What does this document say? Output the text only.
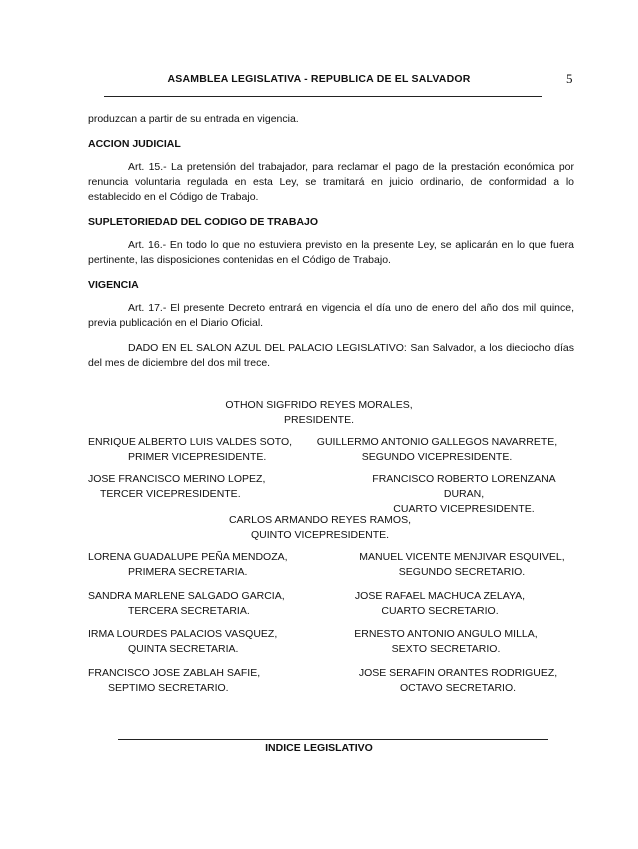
ASAMBLEA LEGISLATIVA - REPUBLICA DE EL SALVADOR	5

produzcan a partir de su entrada en vigencia.

ACCION JUDICIAL

Art. 15.- La pretensión del trabajador, para reclamar el pago de la prestación económica por renuncia voluntaria regulada en esta Ley, se tramitará en juicio ordinario, de conformidad a lo establecido en el Código de Trabajo.

SUPLETORIEDAD DEL CODIGO DE TRABAJO

Art. 16.- En todo lo que no estuviera previsto en la presente Ley, se aplicarán en lo que fuera pertinente, las disposiciones contenidas en el Código de Trabajo.

VIGENCIA

Art. 17.- El presente Decreto entrará en vigencia el día uno de enero del año dos mil quince, previa publicación en el Diario Oficial.

DADO EN EL SALON AZUL DEL PALACIO LEGISLATIVO: San Salvador, a los dieciocho días del mes de diciembre del dos mil trece.

OTHON SIGFRIDO REYES MORALES,
PRESIDENTE.
ENRIQUE ALBERTO LUIS VALDES SOTO,
PRIMER VICEPRESIDENTE.
GUILLERMO ANTONIO GALLEGOS NAVARRETE,
SEGUNDO VICEPRESIDENTE.
JOSE FRANCISCO MERINO LOPEZ,
TERCER VICEPRESIDENTE.
FRANCISCO ROBERTO LORENZANA DURAN,
CUARTO VICEPRESIDENTE.
CARLOS ARMANDO REYES RAMOS,
QUINTO VICEPRESIDENTE.
LORENA GUADALUPE PEÑA MENDOZA,
PRIMERA SECRETARIA.
MANUEL VICENTE MENJIVAR ESQUIVEL,
SEGUNDO SECRETARIO.
SANDRA MARLENE SALGADO GARCIA,
TERCERA SECRETARIA.
JOSE RAFAEL MACHUCA ZELAYA,
CUARTO SECRETARIO.
IRMA LOURDES PALACIOS VASQUEZ,
QUINTA SECRETARIA.
ERNESTO ANTONIO ANGULO MILLA,
SEXTO SECRETARIO.
FRANCISCO JOSE ZABLAH SAFIE,
SEPTIMO SECRETARIO.
JOSE SERAFIN ORANTES RODRIGUEZ,
OCTAVO SECRETARIO.
INDICE LEGISLATIVO
